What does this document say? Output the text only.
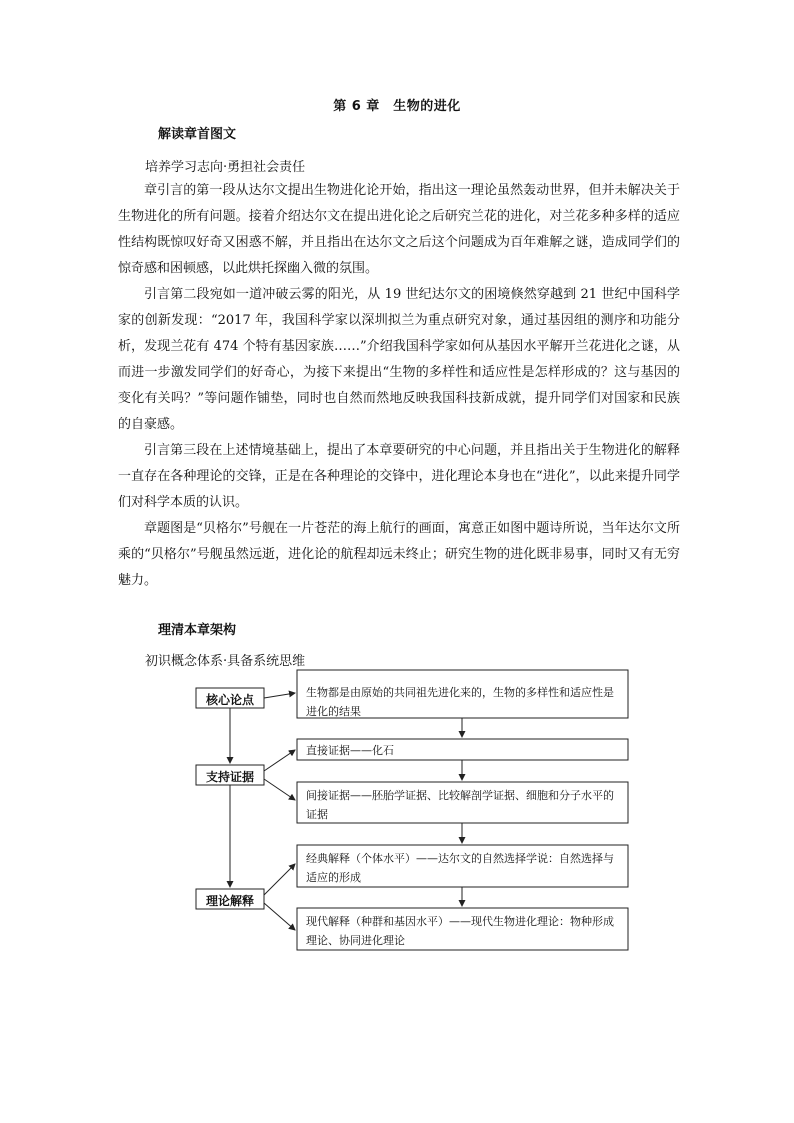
第 6 章　生物的进化
解读章首图文
培养学习志向·勇担社会责任

章引言的第一段从达尔文提出生物进化论开始，指出这一理论虽然轰动世界，但并未解决关于生物进化的所有问题。接着介绍达尔文在提出进化论之后研究兰花的进化，对兰花多种多样的适应性结构既惊叹好奇又困惑不解，并且指出在达尔文之后这个问题成为百年难解之谜，造成同学们的惊奇感和困顿感，以此烘托探幽入微的氛围。

引言第二段宛如一道冲破云雾的阳光，从 19 世纪达尔文的困境倏然穿越到 21 世纪中国科学家的创新发现：“2017 年，我国科学家以深圳拟兰为重点研究对象，通过基因组的测序和功能分析，发现兰花有 474 个特有基因家族……”介绍我国科学家如何从基因水平解开兰花进化之谜，从而进一步激发同学们的好奇心，为接下来提出“生物的多样性和适应性是怎样形成的？这与基因的变化有关吗？”等问题作铺垫，同时也自然而然地反映我国科技新成就，提升同学们对国家和民族的自豪感。

引言第三段在上述情境基础上，提出了本章要研究的中心问题，并且指出关于生物进化的解释一直存在各种理论的交锋，正是在各种理论的交锋中，进化理论本身也在“进化”，以此来提升同学们对科学本质的认识。

章题图是“贝格尔”号舰在一片苍茫的海上航行的画面，寓意正如图中题诗所说，当年达尔文所乘的“贝格尔”号舰虽然远逝，进化论的航程却远未终止；研究生物的进化既非易事，同时又有无穷魅力。

理清本章架构
初识概念体系·具备系统思维
核心论点
支持证据
理论解释
生物都是由原始的共同祖先进化来的，生物的多样性和适应性是进化的结果
直接证据——化石
间接证据——胚胎学证据、比较解剖学证据、细胞和分子水平的证据
经典解释（个体水平）——达尔文的自然选择学说：自然选择与适应的形成
现代解释（种群和基因水平）——现代生物进化理论：物种形成理论、协同进化理论
